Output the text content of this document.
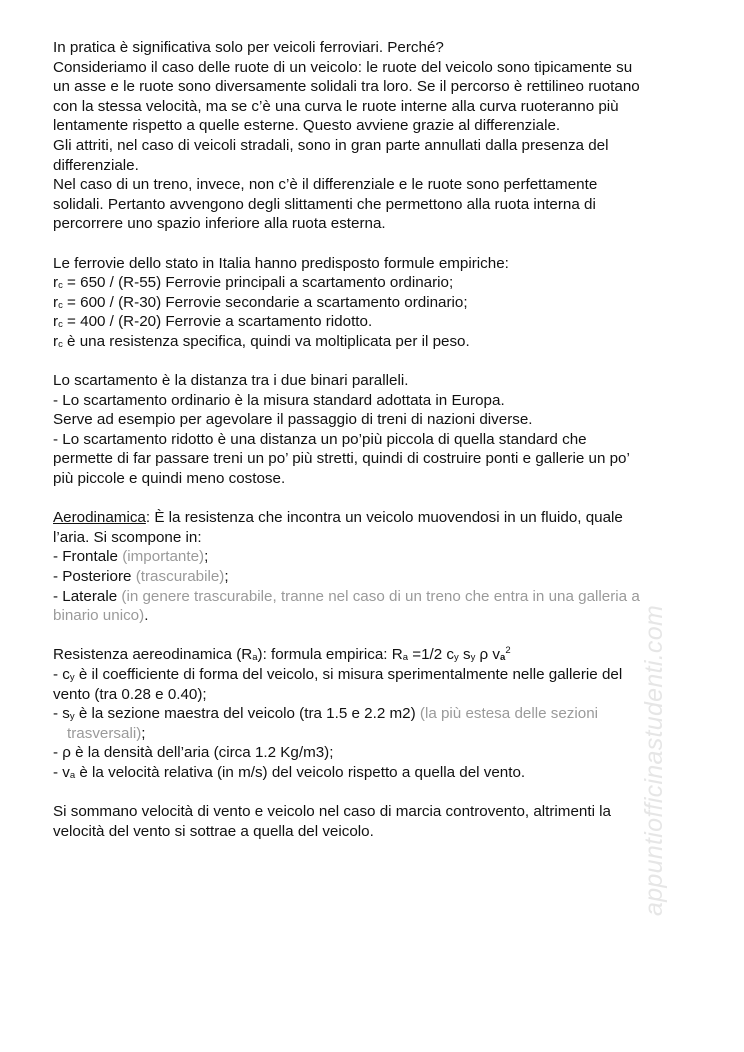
In pratica è significativa solo per veicoli ferroviari. Perché?
Consideriamo il caso delle ruote di un veicolo: le ruote del veicolo sono tipicamente su
un asse e le ruote sono diversamente solidali tra loro. Se il percorso è rettilineo ruotano
con la stessa velocità, ma se c’è una curva le ruote interne alla curva ruoteranno più
lentamente rispetto a quelle esterne. Questo avviene grazie al differenziale.
Gli attriti, nel caso di veicoli stradali, sono in gran parte annullati dalla presenza del
differenziale.
Nel caso di un treno, invece, non c’è il differenziale e le ruote sono perfettamente
solidali. Pertanto avvengono degli slittamenti che permettono alla ruota interna di
percorrere uno spazio inferiore alla ruota esterna.
Le ferrovie dello stato in Italia hanno predisposto formule empiriche:
$r_c = 650 / (R-55)$ Ferrovie principali a scartamento ordinario;
$r_c = 600 / (R-30)$ Ferrovie secondarie a scartamento ordinario;
$r_c = 400 / (R-20)$ Ferrovie a scartamento ridotto.
$r_c$ è una resistenza specifica, quindi va moltiplicata per il peso.
Lo scartamento è la distanza tra i due binari paralleli.
- Lo scartamento ordinario è la misura standard adottata in Europa.
Serve ad esempio per agevolare il passaggio di treni di nazioni diverse.
- Lo scartamento ridotto è una distanza un po’più piccola di quella standard che
permette di far passare treni un po’ più stretti, quindi di costruire ponti e gallerie un po’
più piccole e quindi meno costose.
Aerodinamica: È la resistenza che incontra un veicolo muovendosi in un fluido, quale
l’aria. Si scompone in:
- Frontale (importante);
- Posteriore (trascurabile);
- Laterale (in genere trascurabile, tranne nel caso di un treno che entra in una galleria a
binario unico).
Resistenza aereodinamica $(R_a)$: formula empirica: $R_a =1/2$ $c_y$ $s_y$ ρ $v_a^2$
- $c_y$ è il coefficiente di forma del veicolo, si misura sperimentalmente nelle gallerie del
vento (tra 0.28 e 0.40);
- $s_y$ è la sezione maestra del veicolo (tra 1.5 e 2.2 m2) (la più estesa delle sezioni
trasversali);
- ρ è la densità dell’aria (circa 1.2 Kg/m3);
- $v_a$ è la velocità relativa (in m/s) del veicolo rispetto a quella del vento.
Si sommano velocità di vento e veicolo nel caso di marcia controvento, altrimenti la
velocità del vento si sottrae a quella del veicolo.	appuntiofficinastudenti.com
